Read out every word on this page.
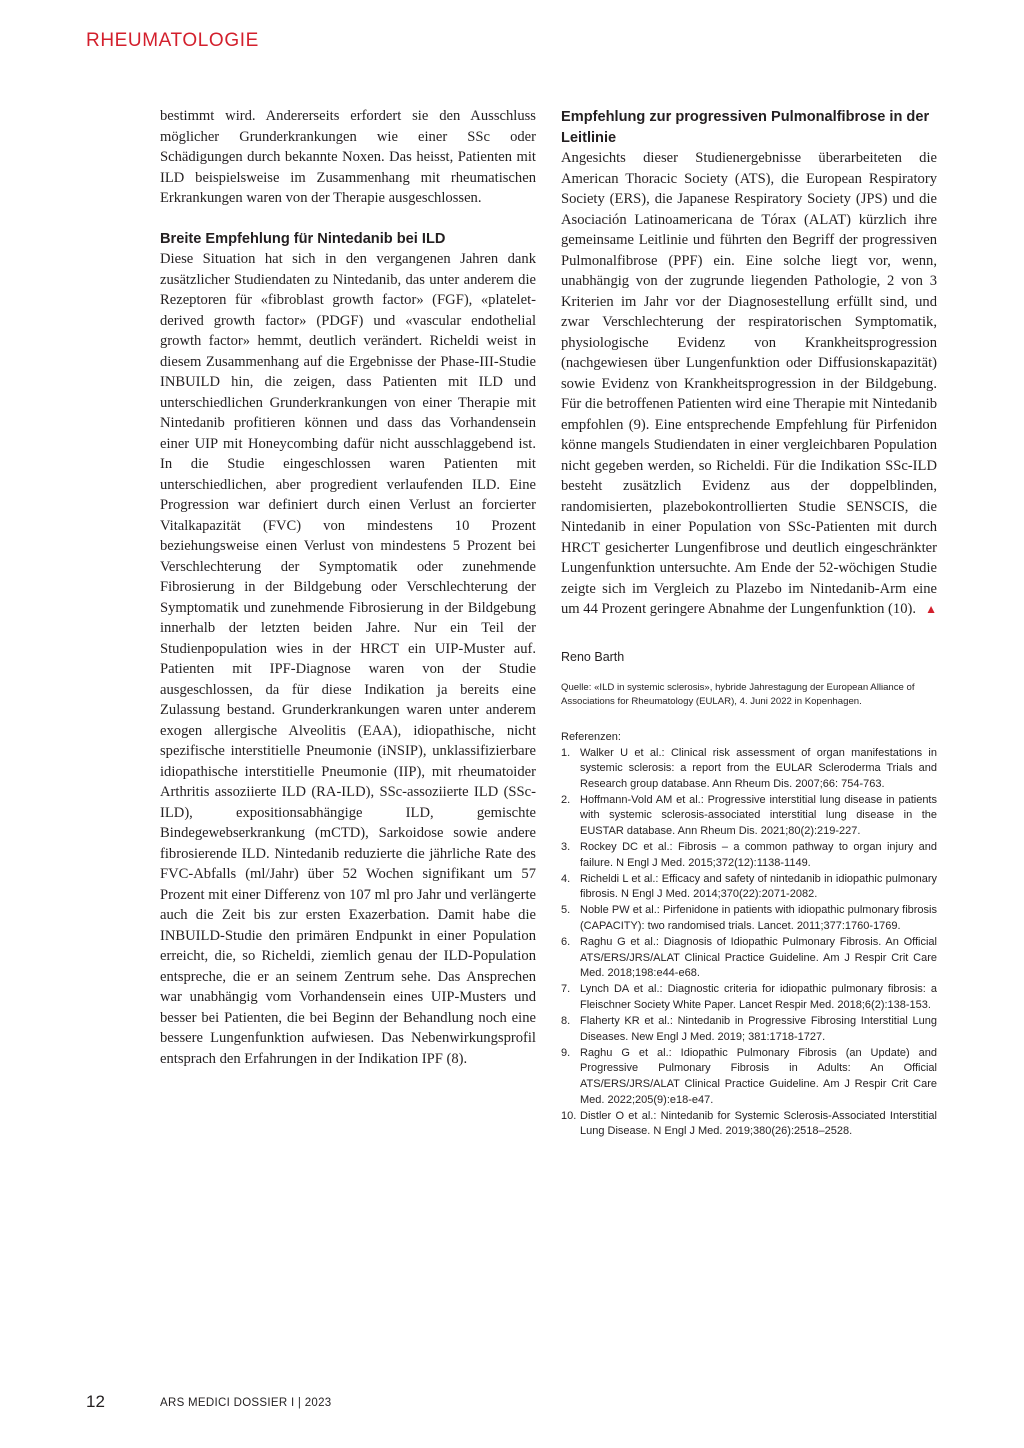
RHEUMATOLOGIE

bestimmt wird. Andererseits erfordert sie den Ausschluss möglicher Grunderkrankungen wie einer SSc oder Schädigungen durch bekannte Noxen. Das heisst, Patienten mit ILD beispielsweise im Zusammenhang mit rheumatischen Erkrankungen waren von der Therapie ausgeschlossen.

Breite Empfehlung für Nintedanib bei ILD

Diese Situation hat sich in den vergangenen Jahren dank zusätzlicher Studiendaten zu Nintedanib, das unter anderem die Rezeptoren für «fibroblast growth factor» (FGF), «platelet-derived growth factor» (PDGF) und «vascular endothelial growth factor» hemmt, deutlich verändert. Richeldi weist in diesem Zusammenhang auf die Ergebnisse der Phase-III-Studie INBUILD hin, die zeigen, dass Patienten mit ILD und unterschiedlichen Grunderkrankungen von einer Therapie mit Nintedanib profitieren können und dass das Vorhandensein einer UIP mit Honeycombing dafür nicht ausschlaggebend ist. In die Studie eingeschlossen waren Patienten mit unterschiedlichen, aber progredient verlaufenden ILD. Eine Progression war definiert durch einen Verlust an forcierter Vitalkapazität (FVC) von mindestens 10 Prozent beziehungsweise einen Verlust von mindestens 5 Prozent bei Verschlechterung der Symptomatik oder zunehmende Fibrosierung in der Bildgebung oder Verschlechterung der Symptomatik und zunehmende Fibrosierung in der Bildgebung innerhalb der letzten beiden Jahre. Nur ein Teil der Studienpopulation wies in der HRCT ein UIP-Muster auf. Patienten mit IPF-Diagnose waren von der Studie ausgeschlossen, da für diese Indikation ja bereits eine Zulassung bestand. Grunderkrankungen waren unter anderem exogen allergische Alveolitis (EAA), idiopathische, nicht spezifische interstitielle Pneumonie (iNSIP), unklassifizierbare idiopathische interstitielle Pneumonie (IIP), mit rheumatoider Arthritis assoziierte ILD (RA-ILD), SSc-assoziierte ILD (SSc-ILD), expositionsabhängige ILD, gemischte Bindegewebserkrankung (mCTD), Sarkoidose sowie andere fibrosierende ILD. Nintedanib reduzierte die jährliche Rate des FVC-Abfalls (ml/Jahr) über 52 Wochen signifikant um 57 Prozent mit einer Differenz von 107 ml pro Jahr und verlängerte auch die Zeit bis zur ersten Exazerbation. Damit habe die INBUILD-Studie den primären Endpunkt in einer Population erreicht, die, so Richeldi, ziemlich genau der ILD-Population entspreche, die er an seinem Zentrum sehe. Das Ansprechen war unabhängig vom Vorhandensein eines UIP-Musters und besser bei Patienten, die bei Beginn der Behandlung noch eine bessere Lungenfunktion aufwiesen. Das Nebenwirkungsprofil entsprach den Erfahrungen in der Indikation IPF (8).

Empfehlung zur progressiven Pulmonalfibrose in der Leitlinie

Angesichts dieser Studienergebnisse überarbeiteten die American Thoracic Society (ATS), die European Respiratory Society (ERS), die Japanese Respiratory Society (JPS) und die Asociación Latinoamericana de Tórax (ALAT) kürzlich ihre gemeinsame Leitlinie und führten den Begriff der progressiven Pulmonalfibrose (PPF) ein. Eine solche liegt vor, wenn, unabhängig von der zugrunde liegenden Pathologie, 2 von 3 Kriterien im Jahr vor der Diagnosestellung erfüllt sind, und zwar Verschlechterung der respiratorischen Symptomatik, physiologische Evidenz von Krankheitsprogression (nachgewiesen über Lungenfunktion oder Diffusionskapazität) sowie Evidenz von Krankheitsprogression in der Bildgebung. Für die betroffenen Patienten wird eine Therapie mit Nintedanib empfohlen (9). Eine entsprechende Empfehlung für Pirfenidon könne mangels Studiendaten in einer vergleichbaren Population nicht gegeben werden, so Richeldi. Für die Indikation SSc-ILD besteht zusätzlich Evidenz aus der doppelblinden, randomisierten, plazebokontrollierten Studie SENSCIS, die Nintedanib in einer Population von SSc-Patienten mit durch HRCT gesicherter Lungenfibrose und deutlich eingeschränkter Lungenfunktion untersuchte. Am Ende der 52-wöchigen Studie zeigte sich im Vergleich zu Plazebo im Nintedanib-Arm eine um 44 Prozent geringere Abnahme der Lungenfunktion (10). ▲

Reno Barth

Quelle: «ILD in systemic sclerosis», hybride Jahrestagung der European Alliance of Associations for Rheumatology (EULAR), 4. Juni 2022 in Kopenhagen.

Referenzen:

1. Walker U et al.: Clinical risk assessment of organ manifestations in systemic sclerosis: a report from the EULAR Scleroderma Trials and Research group database. Ann Rheum Dis. 2007;66: 754-763.
2. Hoffmann-Vold AM et al.: Progressive interstitial lung disease in patients with systemic sclerosis-associated interstitial lung disease in the EUSTAR database. Ann Rheum Dis. 2021;80(2):219-227.
3. Rockey DC et al.: Fibrosis – a common pathway to organ injury and failure. N Engl J Med. 2015;372(12):1138-1149.
4. Richeldi L et al.: Efficacy and safety of nintedanib in idiopathic pulmonary fibrosis. N Engl J Med. 2014;370(22):2071-2082.
5. Noble PW et al.: Pirfenidone in patients with idiopathic pulmonary fibrosis (CAPACITY): two randomised trials. Lancet. 2011;377:1760-1769.
6. Raghu G et al.: Diagnosis of Idiopathic Pulmonary Fibrosis. An Official ATS/ERS/JRS/ALAT Clinical Practice Guideline. Am J Respir Crit Care Med. 2018;198:e44-e68.
7. Lynch DA et al.: Diagnostic criteria for idiopathic pulmonary fibrosis: a Fleischner Society White Paper. Lancet Respir Med. 2018;6(2):138-153.
8. Flaherty KR et al.: Nintedanib in Progressive Fibrosing Interstitial Lung Diseases. New Engl J Med. 2019; 381:1718-1727.
9. Raghu G et al.: Idiopathic Pulmonary Fibrosis (an Update) and Progressive Pulmonary Fibrosis in Adults: An Official ATS/ERS/JRS/ALAT Clinical Practice Guideline. Am J Respir Crit Care Med. 2022;205(9):e18-e47.
10. Distler O et al.: Nintedanib for Systemic Sclerosis-Associated Interstitial Lung Disease. N Engl J Med. 2019;380(26):2518–2528.
12	ARS MEDICI DOSSIER I | 2023
